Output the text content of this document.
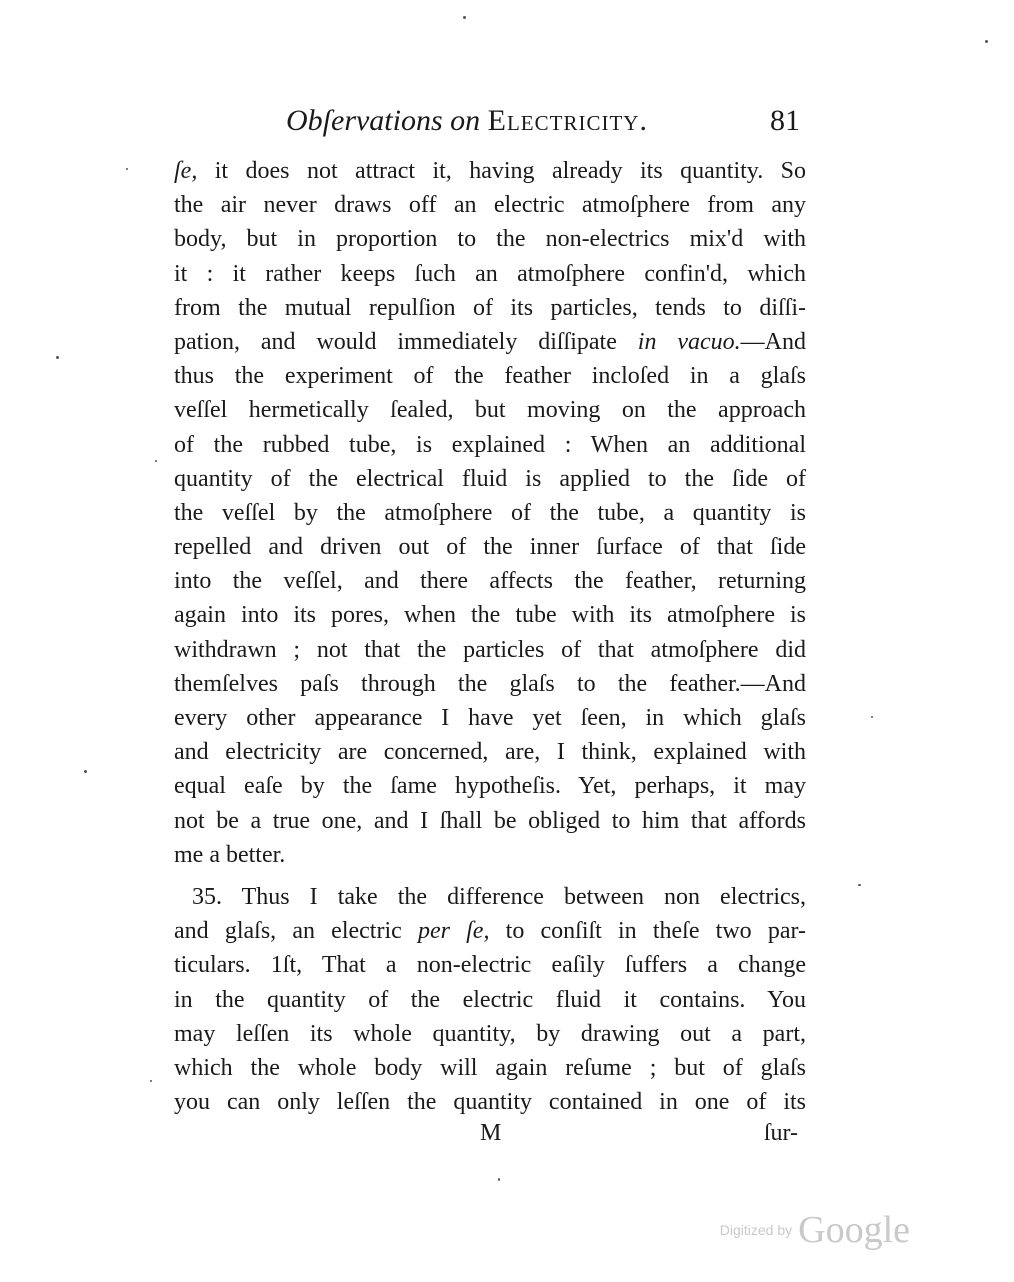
Obſervations on Electricity.	81
ſe, it does not attract it, having already its quantity. So
the air never draws off an electric atmoſphere from any
body, but in proportion to the non-electrics mix'd with
it : it rather keeps ſuch an atmoſphere confin'd, which
from the mutual repulſion of its particles, tends to diſſi-
pation, and would immediately diſſipate in vacuo.—And
thus the experiment of the feather incloſed in a glaſs
veſſel hermetically ſealed, but moving on the approach
of the rubbed tube, is explained : When an additional
quantity of the electrical fluid is applied to the ſide of
the veſſel by the atmoſphere of the tube, a quantity is
repelled and driven out of the inner ſurface of that ſide
into the veſſel, and there affects the feather, returning
again into its pores, when the tube with its atmoſphere is
withdrawn ; not that the particles of that atmoſphere did
themſelves paſs through the glaſs to the feather.—And
every other appearance I have yet ſeen, in which glaſs
and electricity are concerned, are, I think, explained with
equal eaſe by the ſame hypotheſis. Yet, perhaps, it may
not be a true one, and I ſhall be obliged to him that affords
me a better.
35. Thus I take the difference between non electrics,
and glaſs, an electric per ſe, to conſiſt in theſe two par-
ticulars. 1ſt, That a non-electric eaſily ſuffers a change
in the quantity of the electric fluid it contains. You
may leſſen its whole quantity, by drawing out a part,
which the whole body will again reſume ; but of glaſs
you can only leſſen the quantity contained in one of its
M	ſur-
Digitized by Google
